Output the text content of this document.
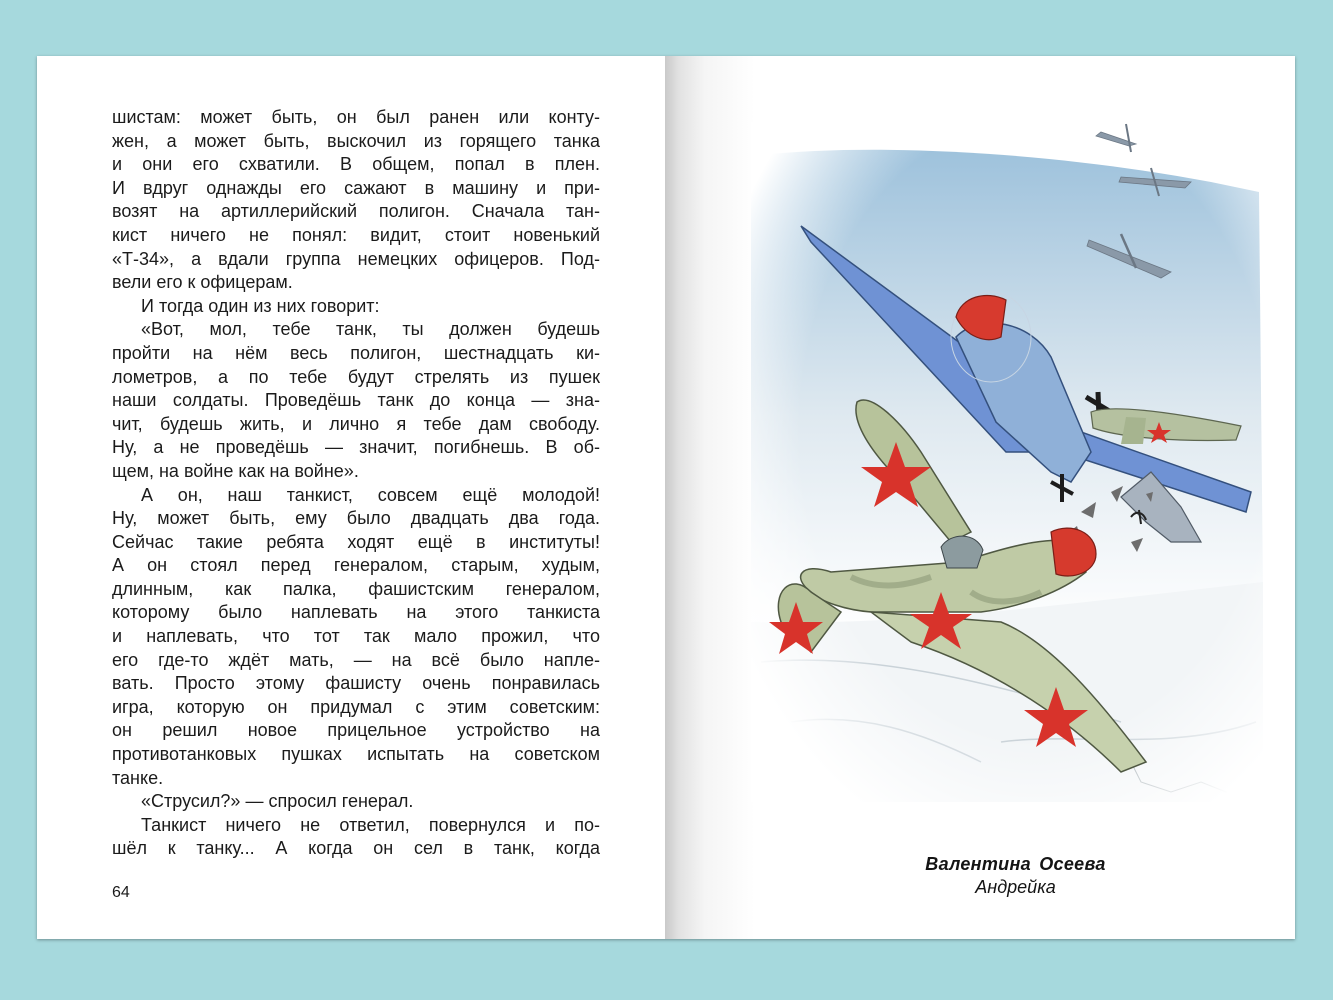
шистам: может быть, он был ранен или конту-

жен, а может быть, выскочил из горящего танка

и они его схватили. В общем, попал в плен.

И вдруг однажды его сажают в машину и при-

возят на артиллерийский полигон. Сначала тан-

кист ничего не понял: видит, стоит новенький

«Т-34», а вдали группа немецких офицеров. Под-

вели его к офицерам.

И тогда один из них говорит:

«Вот, мол, тебе танк, ты должен будешь

пройти на нём весь полигон, шестнадцать ки-

лометров, а по тебе будут стрелять из пушек

наши солдаты. Проведёшь танк до конца — зна-

чит, будешь жить, и лично я тебе дам свободу.

Ну, а не проведёшь — значит, погибнешь. В об-

щем, на войне как на войне».

А он, наш танкист, совсем ещё молодой!

Ну, может быть, ему было двадцать два года.

Сейчас такие ребята ходят ещё в институты!

А он стоял перед генералом, старым, худым,

длинным, как палка, фашистским генералом,

которому было наплевать на этого танкиста

и наплевать, что тот так мало прожил, что

его где-то ждёт мать, — на всё было напле-

вать. Просто этому фашисту очень понравилась

игра, которую он придумал с этим советским:

он решил новое прицельное устройство на

противотанковых пушках испытать на советском

танке.

«Струсил?» — спросил генерал.

Танкист ничего не ответил, повернулся и по-

шёл к танку... А когда он сел в танк, когда

64
Валентина Осеева
Андрейка
